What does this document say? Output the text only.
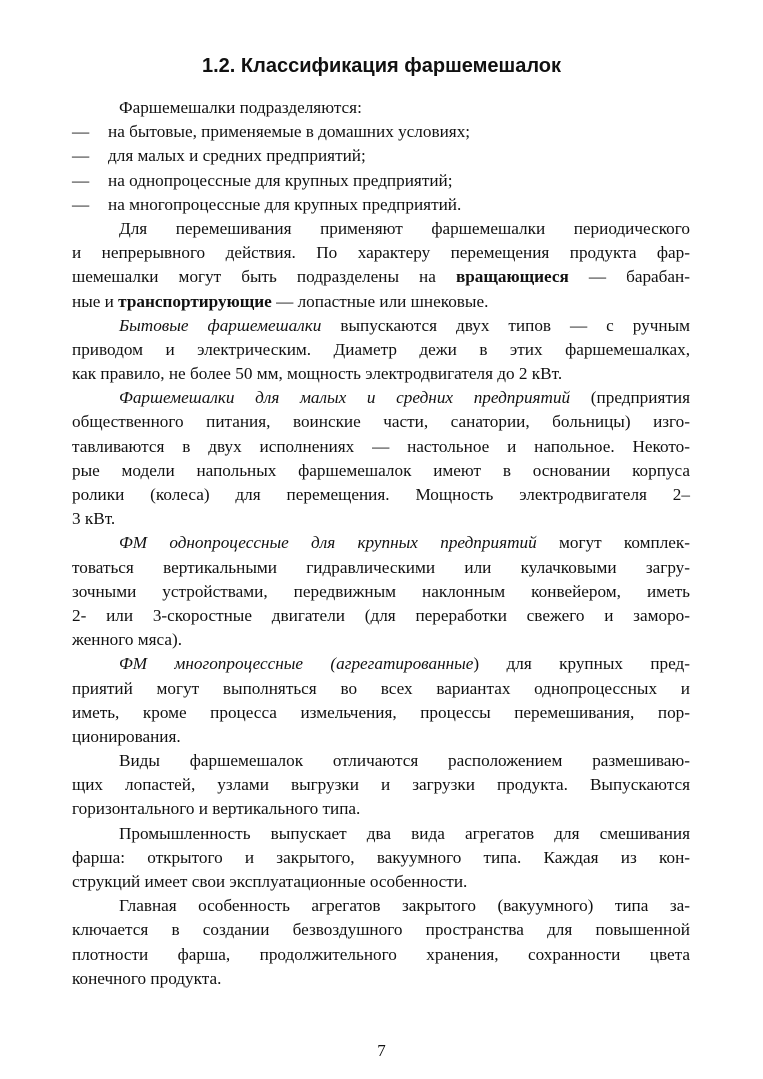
1.2. Классификация фаршемешалок
Фаршемешалки подразделяются:
— на бытовые, применяемые в домашних условиях;
— для малых и средних предприятий;
— на однопроцессные для крупных предприятий;
— на многопроцессные для крупных предприятий.
Для перемешивания применяют фаршемешалки периодического
и непрерывного действия. По характеру перемещения продукта фар-
шемешалки могут быть подразделены на вращающиеся — барабан-
ные и транспортирующие — лопастные или шнековые.
Бытовые фаршемешалки выпускаются двух типов — с ручным
приводом и электрическим. Диаметр дежи в этих фаршемешалках,
как правило, не более 50 мм, мощность электродвигателя до 2 кВт.
Фаршемешалки для малых и средних предприятий (предприятия
общественного питания, воинские части, санатории, больницы) изго-
тавливаются в двух исполнениях — настольное и напольное. Некото-
рые модели напольных фаршемешалок имеют в основании корпуса
ролики (колеса) для перемещения. Мощность электродвигателя 2–
3 кВт.
ФМ однопроцессные для крупных предприятий могут комплек-
товаться вертикальными гидравлическими или кулачковыми загру-
зочными устройствами, передвижным наклонным конвейером, иметь
2- или 3-скоростные двигатели (для переработки свежего и заморо-
женного мяса).
ФМ многопроцессные (агрегатированные) для крупных пред-
приятий могут выполняться во всех вариантах однопроцессных и
иметь, кроме процесса измельчения, процессы перемешивания, пор-
ционирования.
Виды фаршемешалок отличаются расположением размешиваю-
щих лопастей, узлами выгрузки и загрузки продукта. Выпускаются
горизонтального и вертикального типа.
Промышленность выпускает два вида агрегатов для смешивания
фарша: открытого и закрытого, вакуумного типа. Каждая из кон-
струкций имеет свои эксплуатационные особенности.
Главная особенность агрегатов закрытого (вакуумного) типа за-
ключается в создании безвоздушного пространства для повышенной
плотности фарша, продолжительного хранения, сохранности цвета
конечного продукта.
7
